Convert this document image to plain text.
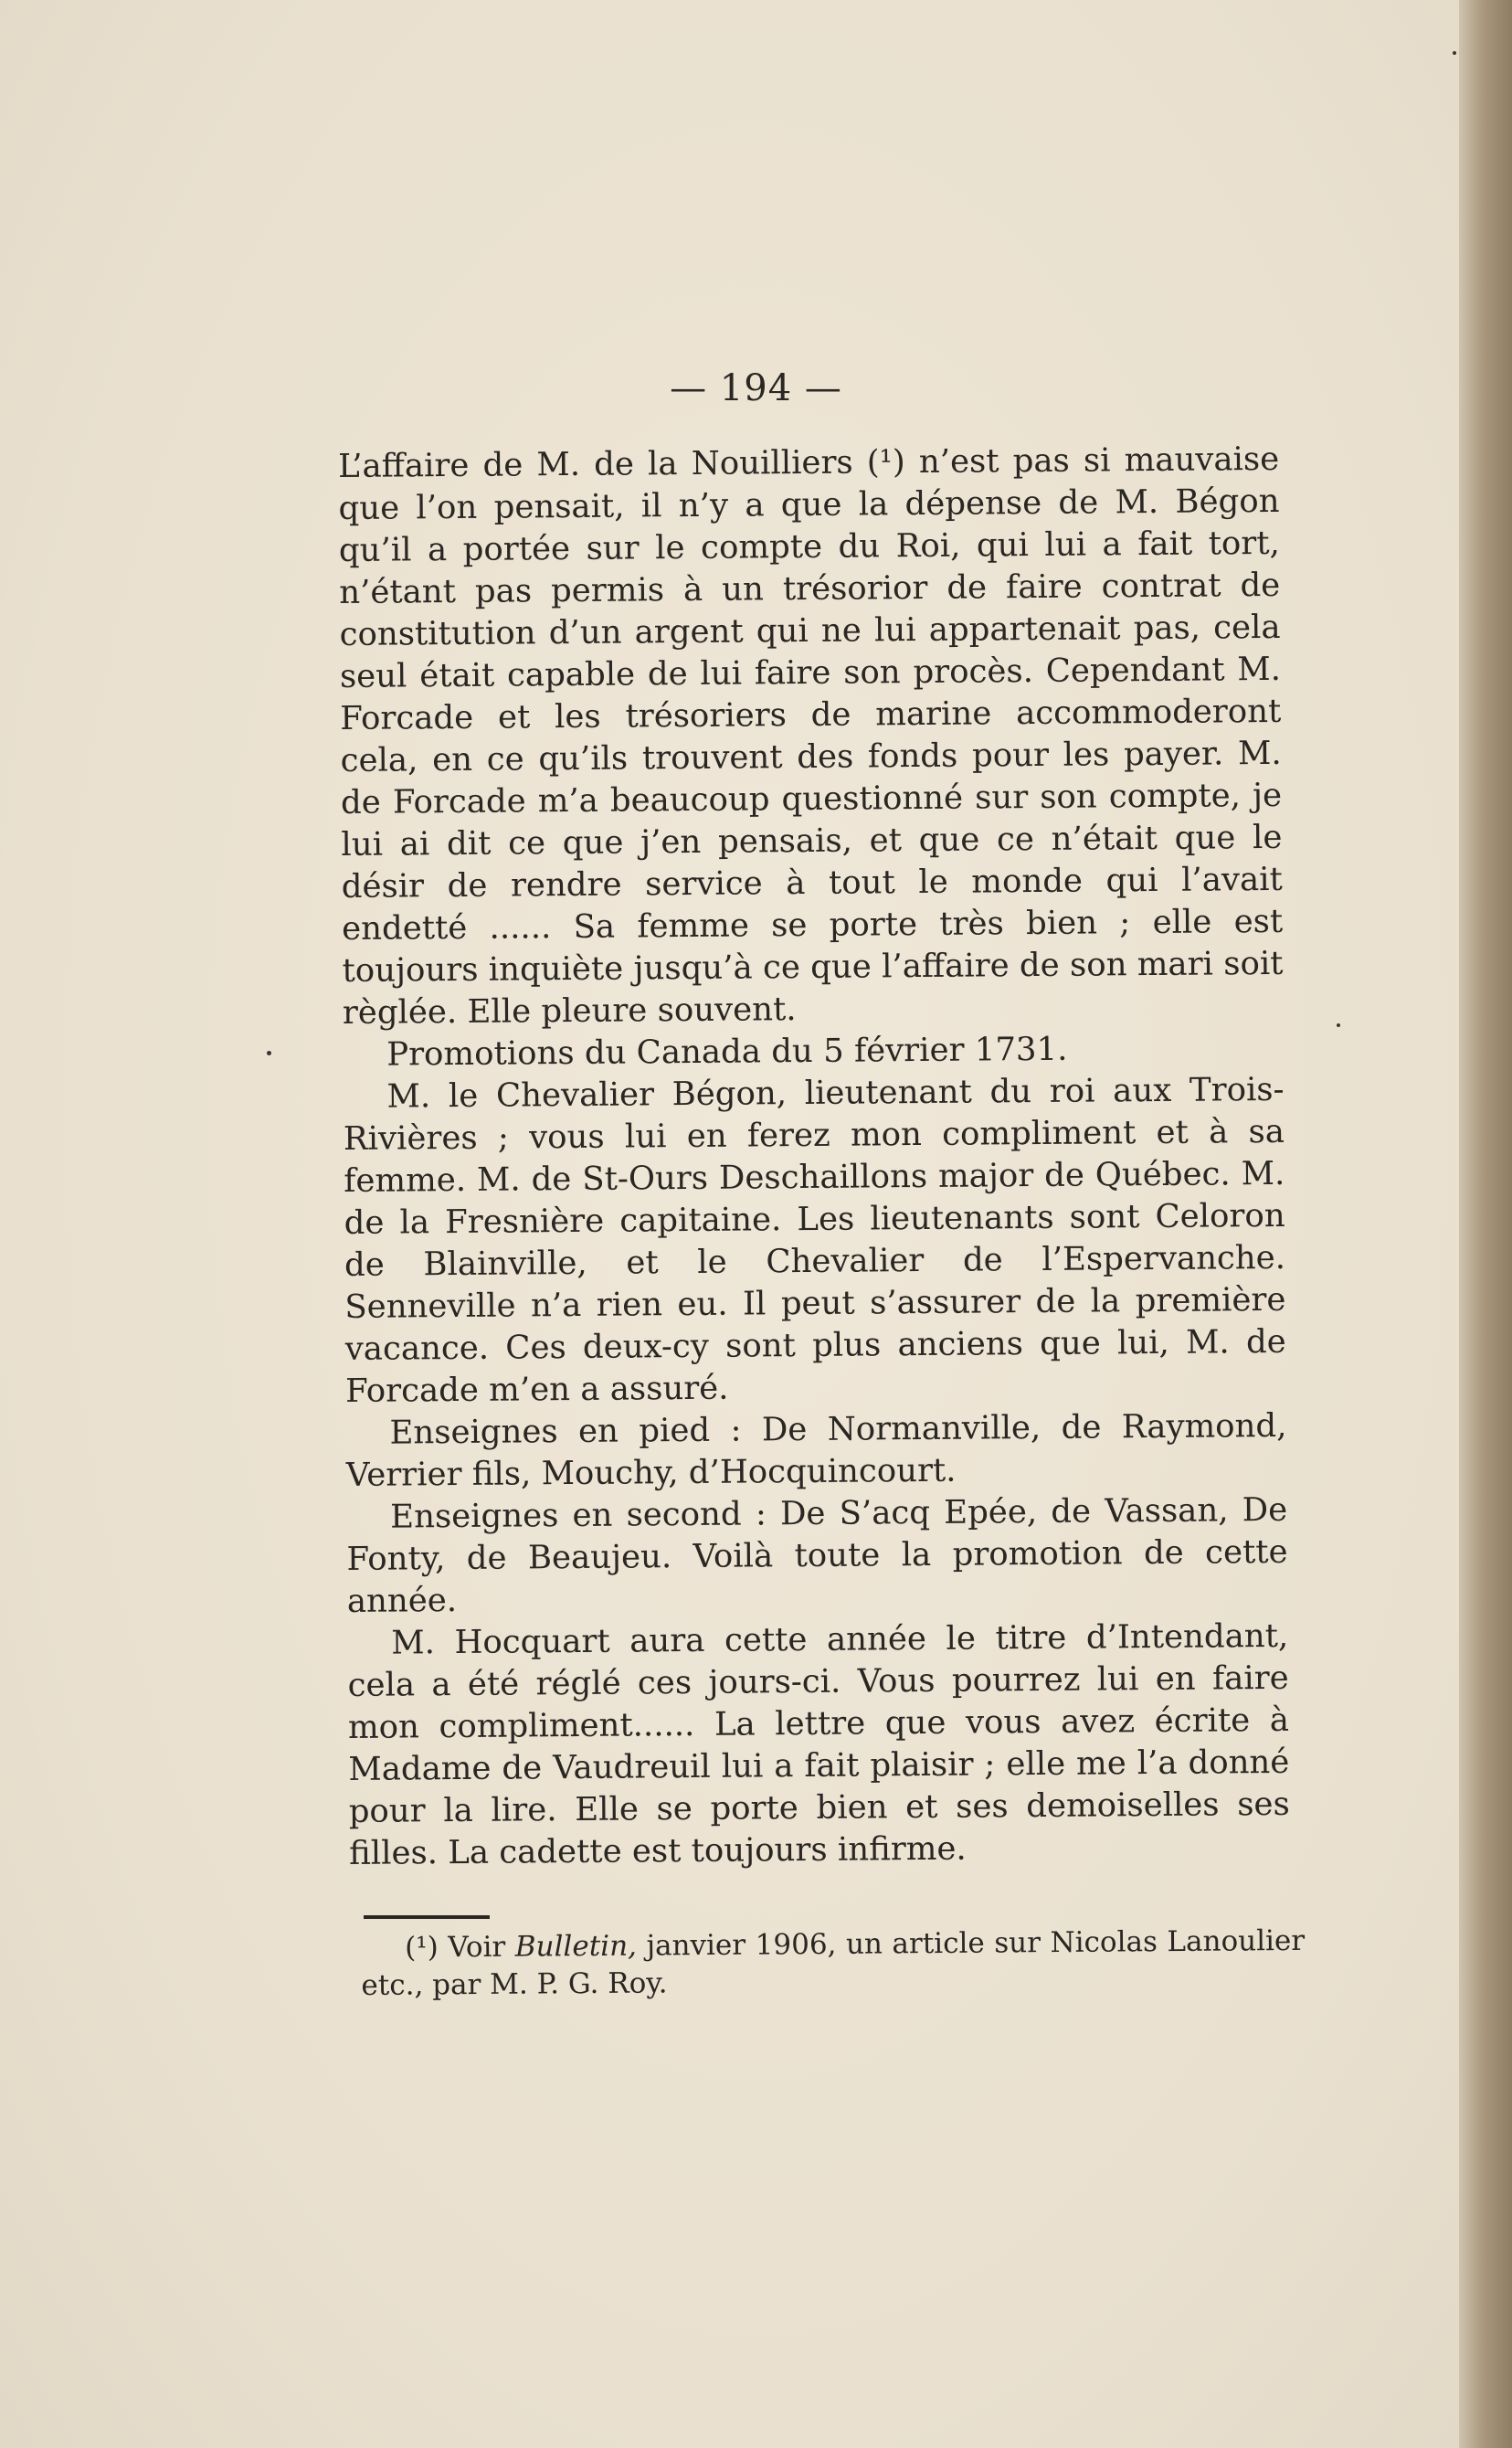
— 194 —

L’affaire de M. de la Nouilliers (¹) n’est pas si mauvaise que l’on pensait, il n’y a que la dépense de M. Bégon qu’il a portée sur le compte du Roi, qui lui a fait tort, n’étant pas permis à un trésorior de faire contrat de constitution d’un argent qui ne lui appartenait pas, cela seul était capable de lui faire son procès. Cependant M. Forcade et les trésoriers de marine accommoderont cela, en ce qu’ils trouvent des fonds pour les payer. M. de Forcade m’a beaucoup questionné sur son compte, je lui ai dit ce que j’en pensais, et que ce n’était que le désir de rendre service à tout le monde qui l’avait endetté ...... Sa femme se porte très bien ; elle est toujours inquiète jusqu’à ce que l’affaire de son mari soit règlée. Elle pleure souvent.

Promotions du Canada du 5 février 1731.

M. le Chevalier Bégon, lieutenant du roi aux Trois-Rivières ; vous lui en ferez mon compliment et à sa femme. M. de St-Ours Deschaillons major de Québec. M. de la Fresnière capitaine. Les lieutenants sont Celoron de Blainville, et le Chevalier de l’Espervanche. Senneville n’a rien eu. Il peut s’assurer de la première vacance. Ces deux-cy sont plus anciens que lui, M. de Forcade m’en a assuré.

Enseignes en pied : De Normanville, de Raymond, Verrier fils, Mouchy, d’Hocquincourt.

Enseignes en second : De S’acq Epée, de Vassan, De Fonty, de Beaujeu. Voilà toute la promotion de cette année.

M. Hocquart aura cette année le titre d’Intendant, cela a été réglé ces jours-ci. Vous pourrez lui en faire mon compliment...... La lettre que vous avez écrite à Madame de Vaudreuil lui a fait plaisir ; elle me l’a donné pour la lire. Elle se porte bien et ses demoiselles ses filles. La cadette est toujours infirme.

(¹) Voir Bulletin, janvier 1906, un article sur Nicolas Lanoulier etc., par M. P. G. Roy.
